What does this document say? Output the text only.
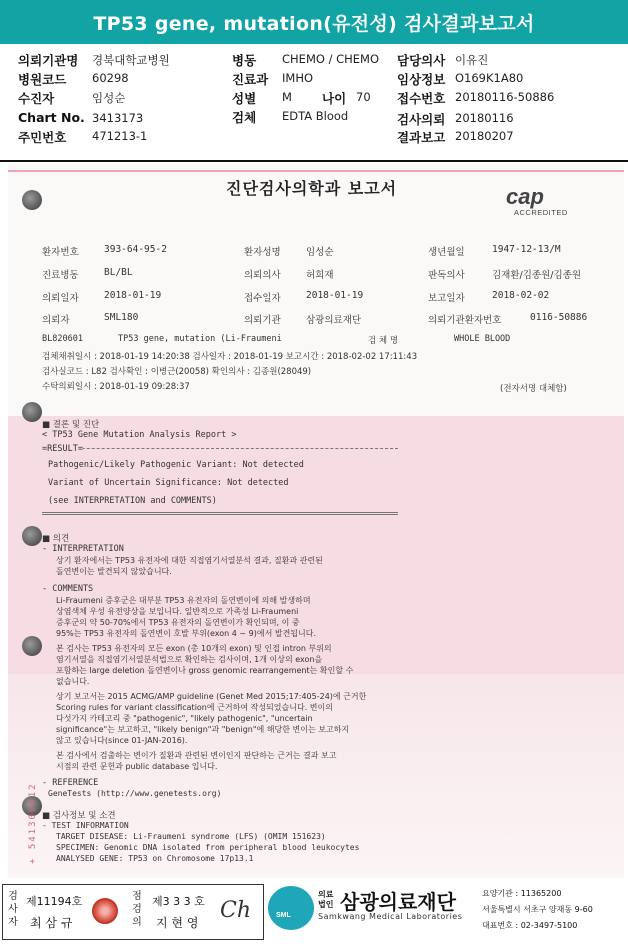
TP53 gene, mutation(유전성) 검사결과보고서
의뢰기관명 경북대학교병원
병원코드 60298
수진자	임성순
Chart No. 3413173
주민번호 471213-1
병동 CHEMO / CHEMO
진료과 IMHO
성별 M 나이 70
검체 EDTA Blood
담당의사 이유진
임상정보 O169K1A80
접수번호 20180116-50886
검사의뢰 20180116
결과보고 20180207
진단검사의학과 보고서	cap
ACCREDITED
환자번호	393-64-95-2	환자성명	임성순	생년월일	1947-12-13/M
진료병동	BL/BL	의뢰의사	허희재	판독의사	김재환/김종원/김종원
의뢰일자	2018-01-19	접수일자	2018-01-19	보고일자	2018-02-02
의뢰자	SML180	의뢰기관	삼광의료재단	의뢰기관환자번호	0116-50886
BL820601	TP53 gene, mutation (Li-Fraumeni	검 체 명	WHOLE BLOOD
검체채취일시 : 2018-01-19 14:20:38 검사일자 : 2018-01-19 보고시간 : 2018-02-02 17:11:43
검사실코드 : L82 검사확인 : 이병근(20058) 확인의사 : 김종원(28049)
수탁의뢰일시 : 2018-01-19 09:28:37	(전자서명 대체함)
■ 결론 및 진단
< TP53 Gene Mutation Analysis Report >
=RESULT=
Pathogenic/Likely Pathogenic Variant: Not detected
Variant of Uncertain Significance: Not detected
(see INTERPRETATION and COMMENTS)
■ 의견
- INTERPRETATION
상기 환자에서는 TP53 유전자에 대한 직접염기서열분석 결과, 질환과 관련된
돌연변이는 발견되지 않았습니다.
- COMMENTS
Li-Fraumeni 증후군은 대부분 TP53 유전자의 돌연변이에 의해 발생하며
상염색체 우성 유전양상을 보입니다. 일반적으로 가족성 Li-Fraumeni
증후군의 약 50-70%에서 TP53 유전자의 돌연변이가 확인되며, 이 중
95%는 TP53 유전자의 돌연변이 호발 부위(exon 4 ~ 9)에서 발견됩니다.
본 검사는 TP53 유전자의 모든 exon (총 10개의 exon) 및 인접 intron 부위의
염기서열을 직접염기서열분석법으로 확인하는 검사이며, 1개 이상의 exon을
포함하는 large deletion 돌연변이나 gross genomic rearrangement는 확인할 수
없습니다.
상기 보고서는 2015 ACMG/AMP guideline (Genet Med 2015;17:405-24)에 근거한
Scoring rules for variant classification에 근거하여 작성되었습니다. 변이의
다섯가지 카테고리 중 "pathogenic", "likely pathogenic", "uncertain
significance"는 보고하고, "likely benign"과 "benign"에 해당한 변이는 보고하지
않고 있습니다(since 01-JAN-2016).
본 검사에서 검출하는 변이가 질환과 관련된 변이인지 판단하는 근거는 결과 보고
시점의 관련 문헌과 public database 입니다.
- REFERENCE
GeneTests (http://www.genetests.org)
■ 검사정보 및 소견
- TEST INFORMATION
TARGET DISEASE: Li-Fraumeni syndrome (LFS) (OMIM 151623)
SPECIMEN: Genomic DNA isolated from peripheral blood leukocytes
ANALYSED GENE: TP53 on Chromosome 17p13.1
+ 541300012
검사자
제11194호
최 삼 규
점검의
제3 3 3 호
지 현 영 Ch	SML
의료법인 삼광의료재단
Samkwang Medical Laboratories
요양기관 : 11365200
서울특별시 서초구 양재동 9-60
대표번호 : 02-3497-5100
